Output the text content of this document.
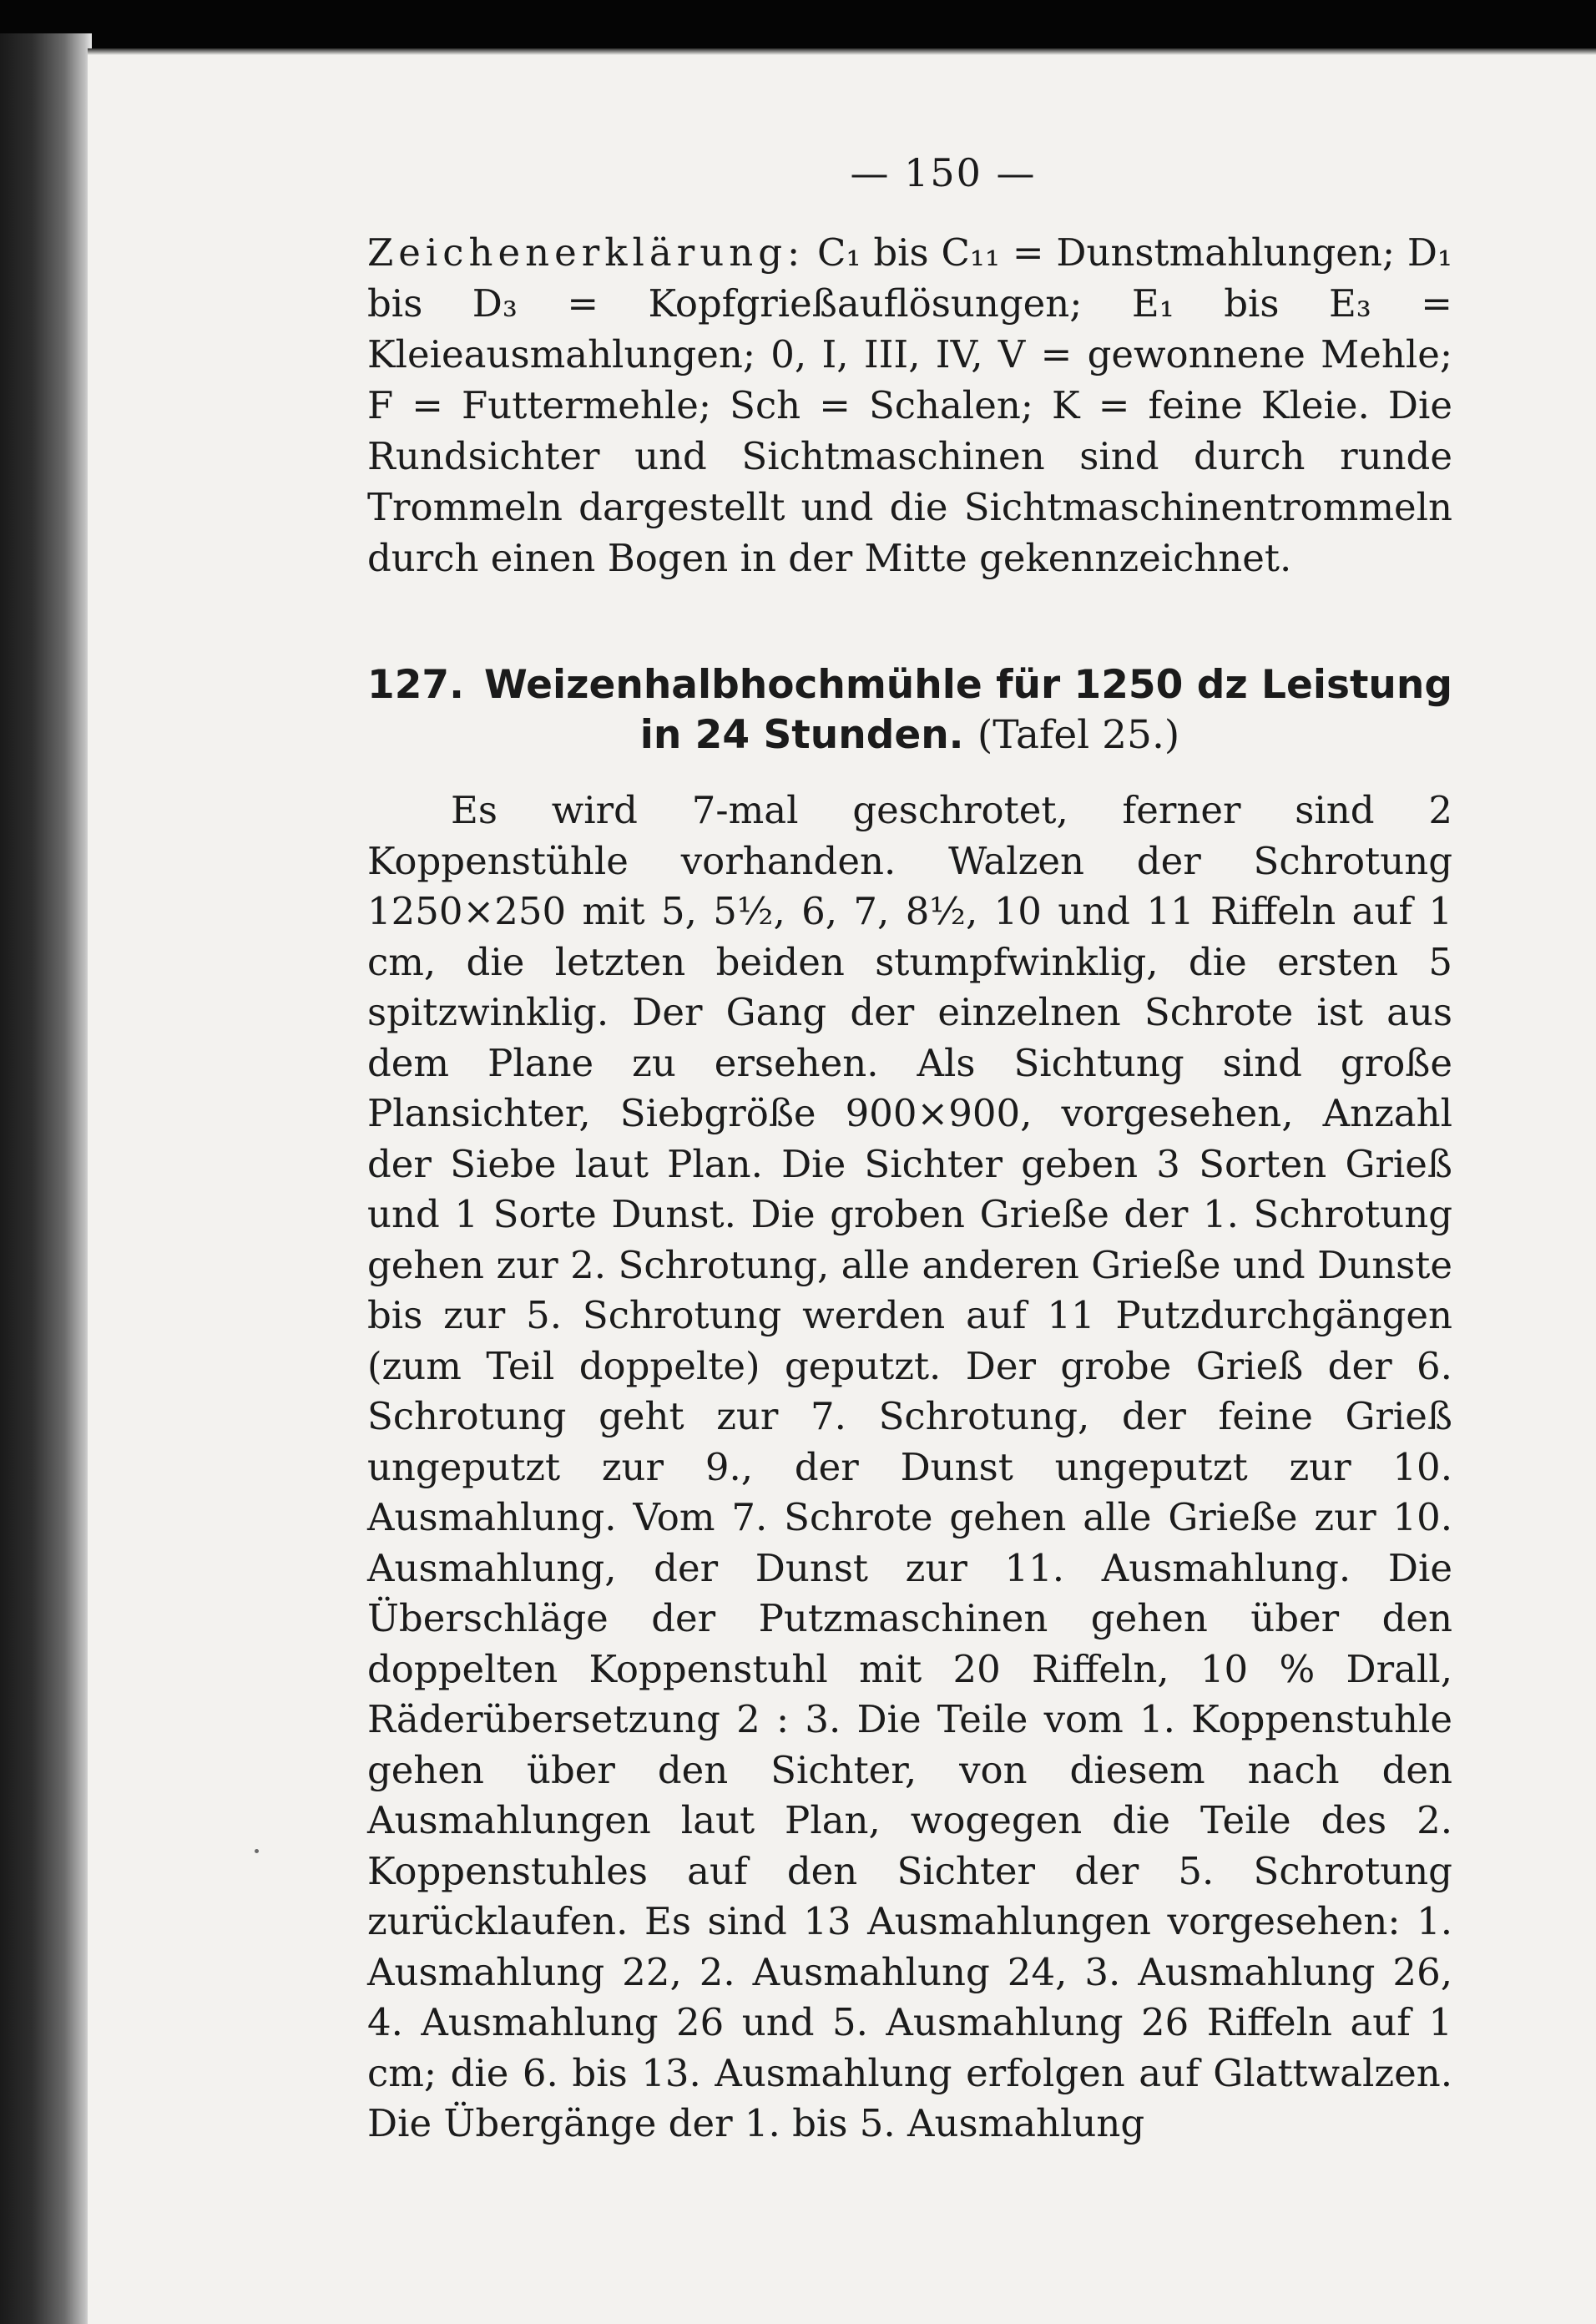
— 150 —

Zeichenerklärung: C₁ bis C₁₁ = Dunstmahlungen; D₁ bis D₃ = Kopfgrießauflösungen; E₁ bis E₃ = Kleieausmahlungen; 0, I, III, IV, V = gewonnene Mehle; F = Futtermehle; Sch = Schalen; K = feine Kleie. Die Rundsichter und Sichtmaschinen sind durch runde Trommeln dargestellt und die Sichtmaschinentrommeln durch einen Bogen in der Mitte gekennzeichnet.

127. Weizenhalbhochmühle für 1250 dz Leistung
in 24 Stunden. (Tafel 25.)

Es wird 7-mal geschrotet, ferner sind 2 Koppenstühle vorhanden. Walzen der Schrotung 1250×250 mit 5, 5½, 6, 7, 8½, 10 und 11 Riffeln auf 1 cm, die letzten beiden stumpfwinklig, die ersten 5 spitzwinklig. Der Gang der einzelnen Schrote ist aus dem Plane zu ersehen. Als Sichtung sind große Plansichter, Siebgröße 900×900, vorgesehen, Anzahl der Siebe laut Plan. Die Sichter geben 3 Sorten Grieß und 1 Sorte Dunst. Die groben Grieße der 1. Schrotung gehen zur 2. Schrotung, alle anderen Grieße und Dunste bis zur 5. Schrotung werden auf 11 Putzdurchgängen (zum Teil doppelte) geputzt. Der grobe Grieß der 6. Schrotung geht zur 7. Schrotung, der feine Grieß ungeputzt zur 9., der Dunst ungeputzt zur 10. Ausmahlung. Vom 7. Schrote gehen alle Grieße zur 10. Ausmahlung, der Dunst zur 11. Ausmahlung. Die Überschläge der Putzmaschinen gehen über den doppelten Koppenstuhl mit 20 Riffeln, 10 % Drall, Räderübersetzung 2 : 3. Die Teile vom 1. Koppenstuhle gehen über den Sichter, von diesem nach den Ausmahlungen laut Plan, wogegen die Teile des 2. Koppenstuhles auf den Sichter der 5. Schrotung zurücklaufen. Es sind 13 Ausmahlungen vorgesehen: 1. Ausmahlung 22, 2. Ausmahlung 24, 3. Ausmahlung 26, 4. Ausmahlung 26 und 5. Ausmahlung 26 Riffeln auf 1 cm; die 6. bis 13. Ausmahlung erfolgen auf Glattwalzen. Die Übergänge der 1. bis 5. Ausmahlung
